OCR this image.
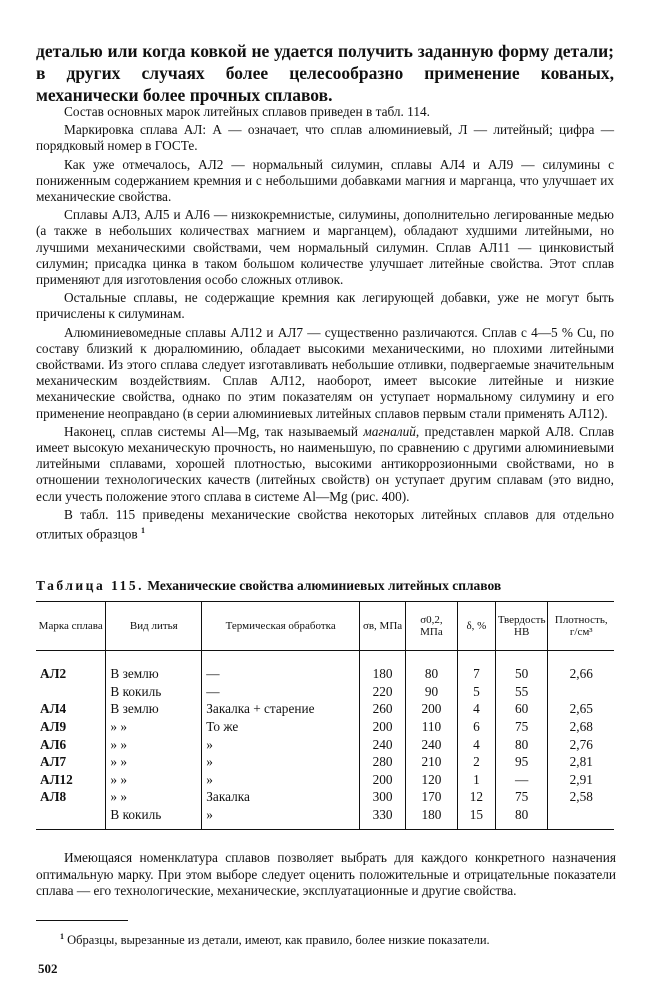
деталью или когда ковкой не удается получить заданную форму детали; в других случаях более целесообразно применение кованых, механически более прочных сплавов.

Состав основных марок литейных сплавов приведен в табл. 114.

Маркировка сплава АЛ: А — означает, что сплав алюминиевый, Л — литейный; цифра — порядковый номер в ГОСТе.

Как уже отмечалось, АЛ2 — нормальный силумин, сплавы АЛ4 и АЛ9 — силумины с пониженным содержанием кремния и с небольшими добавками магния и марганца, что улучшает их механические свойства.

Сплавы АЛ3, АЛ5 и АЛ6 — низкокремнистые, силумины, дополнительно легированные медью (а также в небольших количествах магнием и марганцем), обладают худшими литейными, но лучшими механическими свойствами, чем нормальный силумин. Сплав АЛ11 — цинковистый силумин; присадка цинка в таком большом количестве улучшает литейные свойства. Этот сплав применяют для изготовления особо сложных отливок.

Остальные сплавы, не содержащие кремния как легирующей добавки, уже не могут быть причислены к силуминам.

Алюминиевомедные сплавы АЛ12 и АЛ7 — существенно различаются. Сплав с 4—5 % Cu, по составу близкий к дюралюминию, обладает высокими механическими, но плохими литейными свойствами. Из этого сплава следует изготавливать небольшие отливки, подвергаемые значительным механическим воздействиям. Сплав АЛ12, наоборот, имеет высокие литейные и низкие механические свойства, однако по этим показателям он уступает нормальному силумину и его применение неоправдано (в серии алюминиевых литейных сплавов первым стали применять АЛ12).

Наконец, сплав системы Al—Mg, так называемый магналий, представлен маркой АЛ8. Сплав имеет высокую механическую прочность, но наименьшую, по сравнению с другими алюминиевыми литейными сплавами, хорошей плотностью, высокими антикоррозионными свойствами, но в отношении технологических качеств (литейных свойств) он уступает другим сплавам (это видно, если учесть положение этого сплава в системе Al—Mg (рис. 400).

В табл. 115 приведены механические свойства некоторых литейных сплавов для отдельно отлитых образцов $^1$

Таблица 115. Механические свойства алюминиевых литейных сплавов

Марка сплава	Вид литья	Термическая обработка	σв, МПа	σ0,2, МПа	δ, %	Твердость НВ	Плотность, г/см³
АЛ2	В землю	—	180	80	7	50	2,66
	В кокиль	—	220	90	5	55	
АЛ4	В землю	Закалка + старение	260	200	4	60	2,65
АЛ9	» »	То же	200	110	6	75	2,68
АЛ6	» »	»	240	240	4	80	2,76
АЛ7	» »	»	280	210	2	95	2,81
АЛ12	» »	»	200	120	1	—	2,91
АЛ8	» »	Закалка	300	170	12	75	2,58
	В кокиль	»	330	180	15	80	

Имеющаяся номенклатура сплавов позволяет выбрать для каждого конкретного назначения оптимальную марку. При этом выборе следует оценить положительные и отрицательные показатели сплава — его технологические, механические, эксплуатационные и другие свойства.

$^1$ Образцы, вырезанные из детали, имеют, как правило, более низкие показатели.

502
